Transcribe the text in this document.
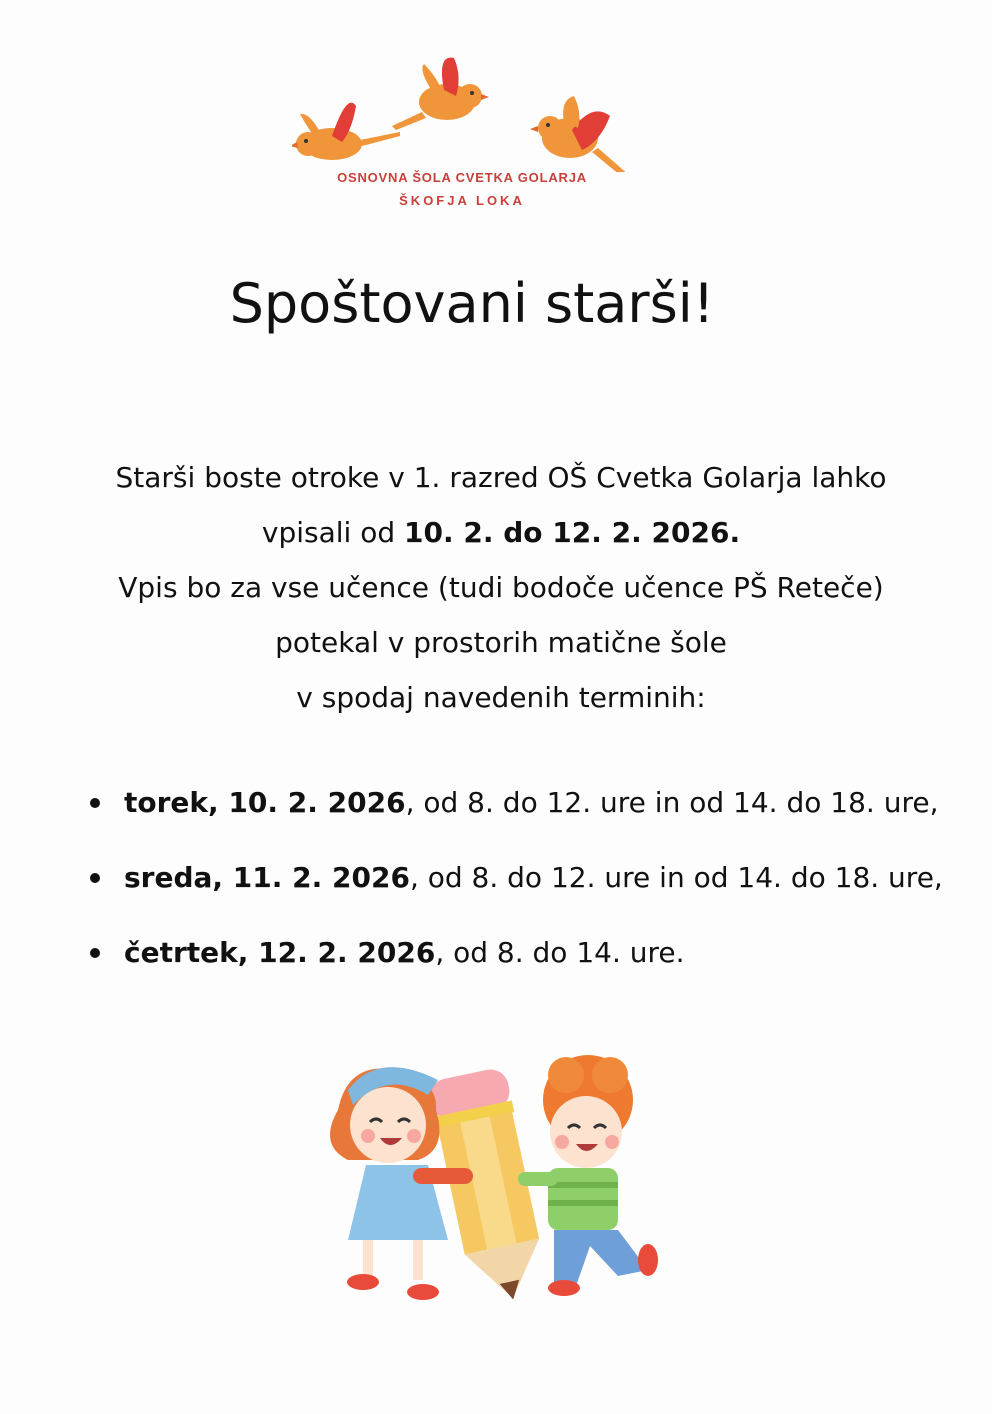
OSNOVNA ŠOLA CVETKA GOLARJA
ŠKOFJA LOKA
Spoštovani starši!

Starši boste otroke v 1. razred OŠ Cvetka Golarja lahko

vpisali od 10. 2. do 12. 2. 2026.

Vpis bo za vse učence (tudi bodoče učence PŠ Reteče)

potekal v prostorih matične šole

v spodaj navedenih terminih:

torek, 10. 2. 2026, od 8. do 12. ure in od 14. do 18. ure,
sreda, 11. 2. 2026, od 8. do 12. ure in od 14. do 18. ure,
četrtek, 12. 2. 2026, od 8. do 14. ure.
